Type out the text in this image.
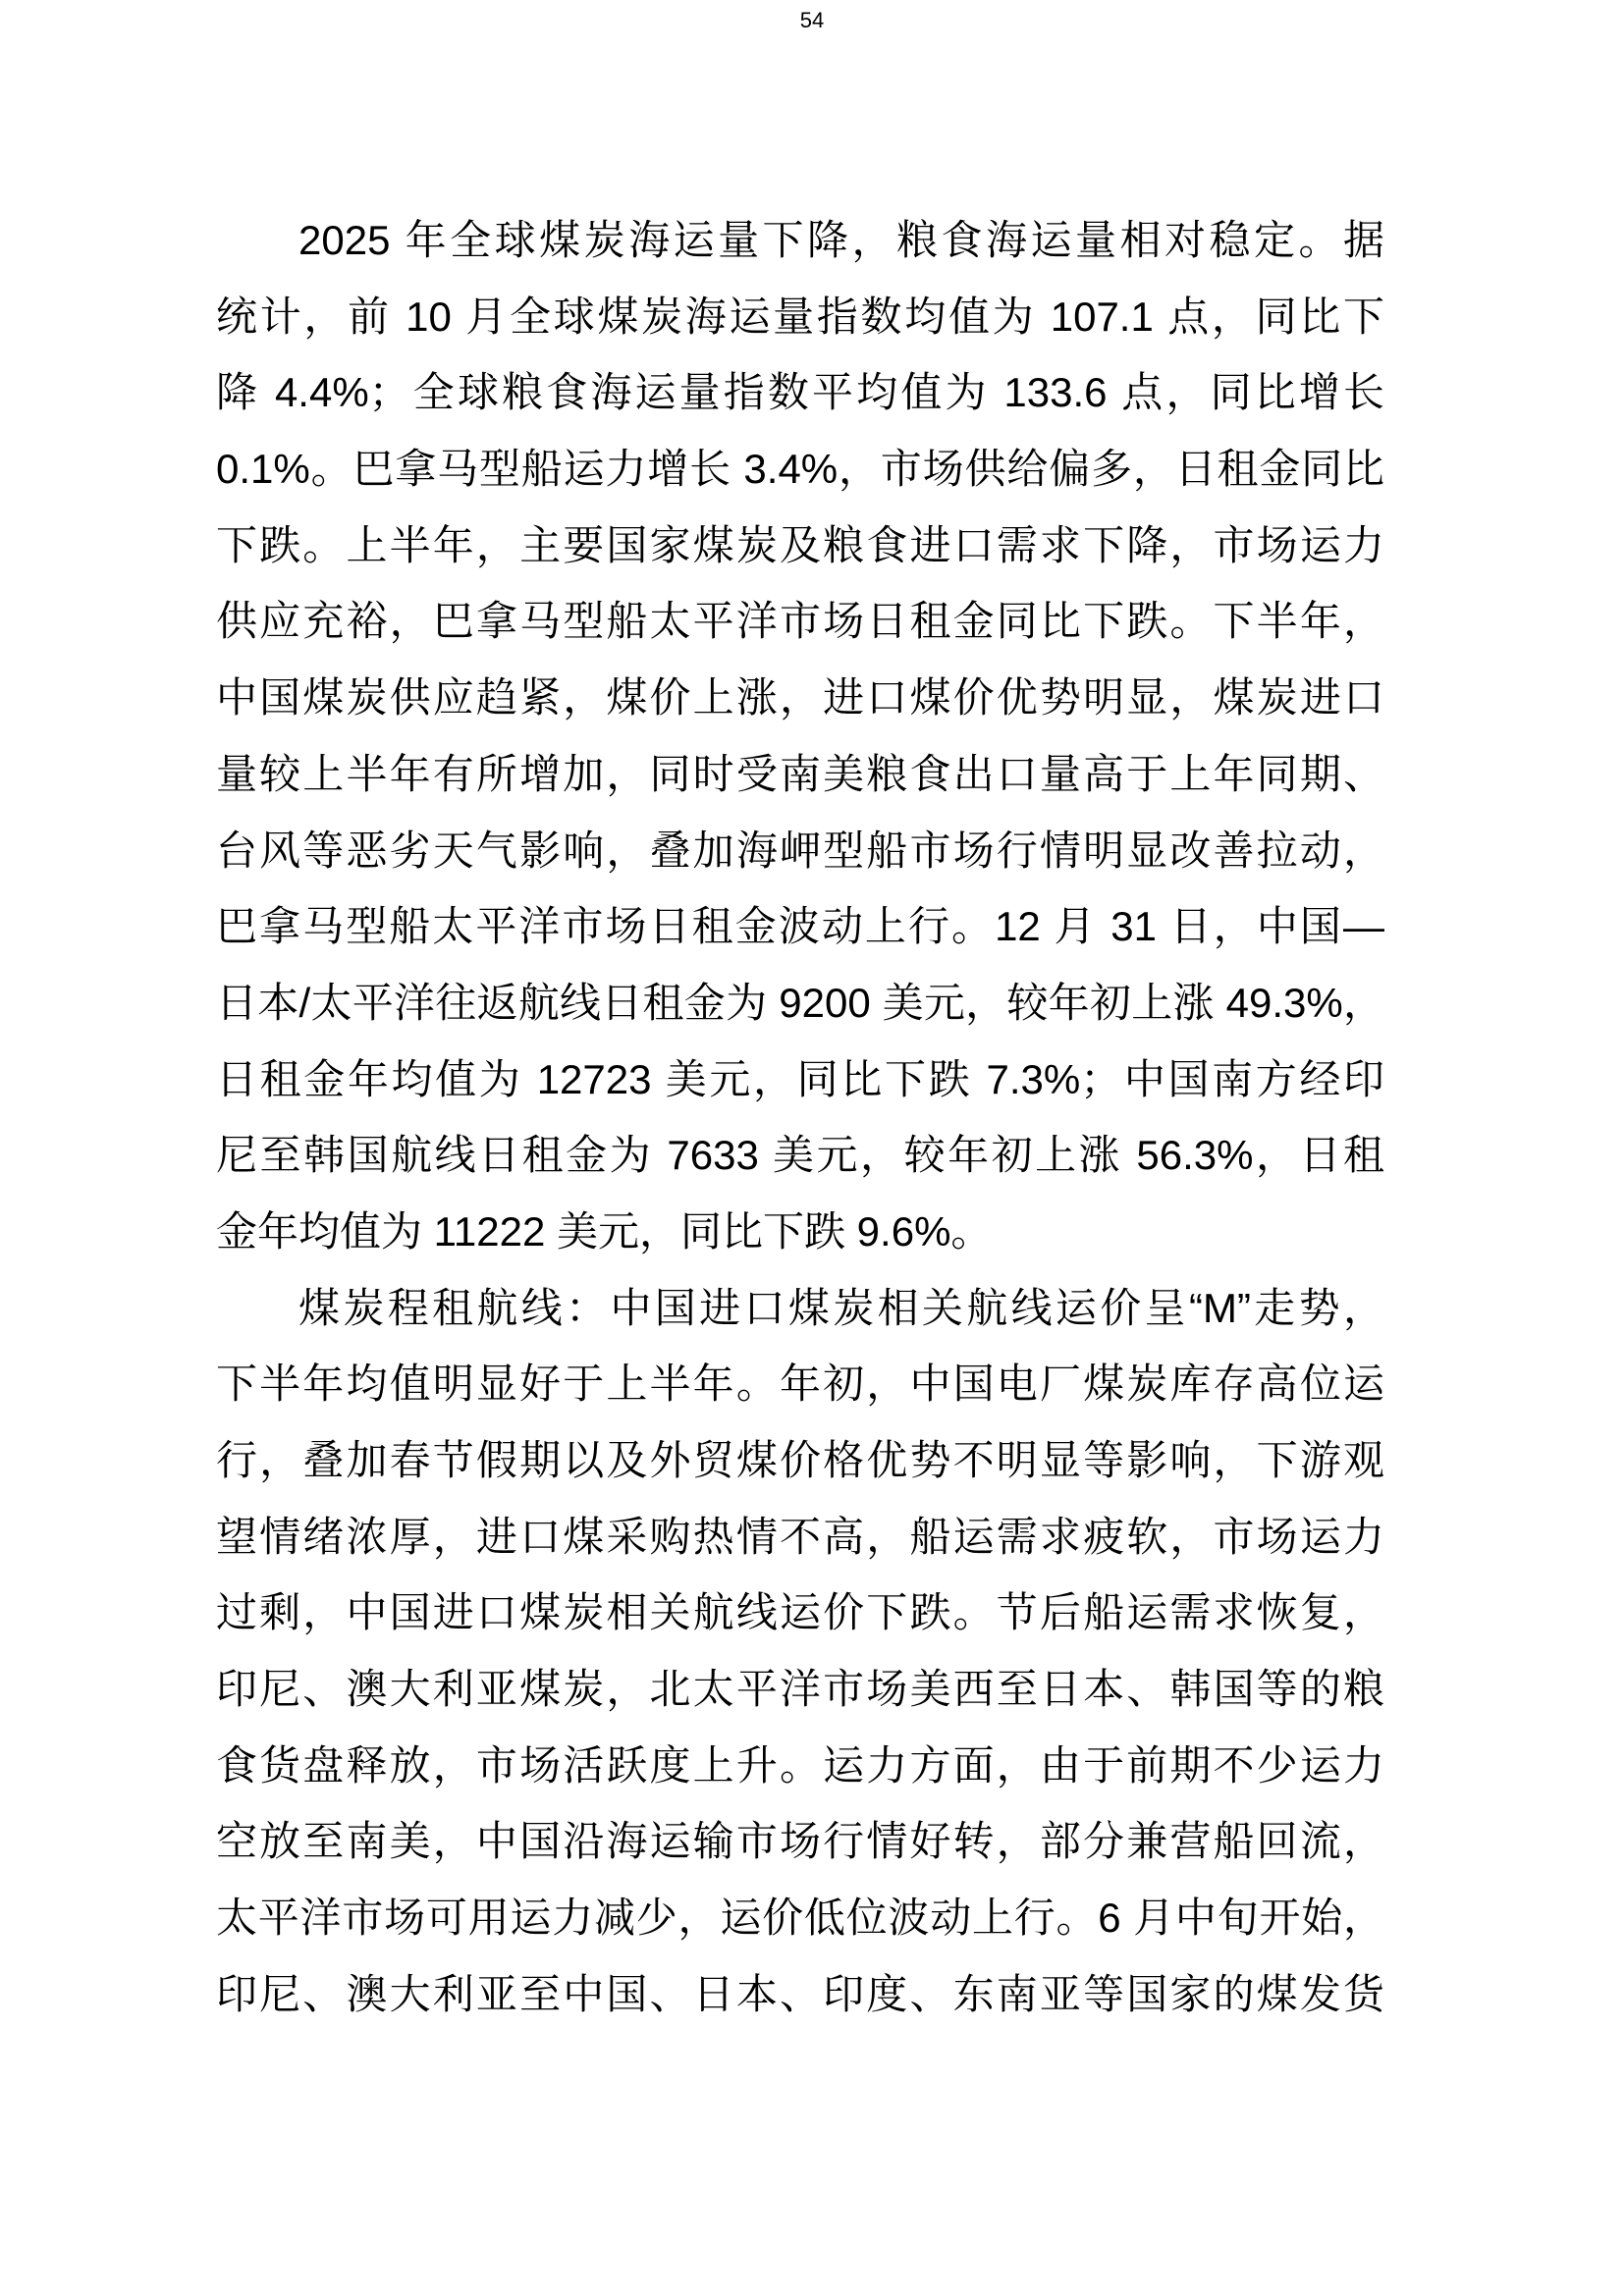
54
2025 年全球煤炭海运量下降，粮食海运量相对稳定。据
统计，前 10 月全球煤炭海运量指数均值为 107.1 点，同比下
降 4.4%；全球粮食海运量指数平均值为 133.6 点，同比增长
0.1%。巴拿马型船运力增长 3.4%，市场供给偏多，日租金同比
下跌。上半年，主要国家煤炭及粮食进口需求下降，市场运力
供应充裕，巴拿马型船太平洋市场日租金同比下跌。下半年，
中国煤炭供应趋紧，煤价上涨，进口煤价优势明显，煤炭进口
量较上半年有所增加，同时受南美粮食出口量高于上年同期、
台风等恶劣天气影响，叠加海岬型船市场行情明显改善拉动，
巴拿马型船太平洋市场日租金波动上行。12 月 31 日，中国—
日本/太平洋往返航线日租金为 9200 美元，较年初上涨 49.3%，
日租金年均值为 12723 美元，同比下跌 7.3%；中国南方经印
尼至韩国航线日租金为 7633 美元，较年初上涨 56.3%，日租
金年均值为 11222 美元，同比下跌 9.6%。
煤炭程租航线：中国进口煤炭相关航线运价呈“M”走势，
下半年均值明显好于上半年。年初，中国电厂煤炭库存高位运
行，叠加春节假期以及外贸煤价格优势不明显等影响，下游观
望情绪浓厚，进口煤采购热情不高，船运需求疲软，市场运力
过剩，中国进口煤炭相关航线运价下跌。节后船运需求恢复，
印尼、澳大利亚煤炭，北太平洋市场美西至日本、韩国等的粮
食货盘释放，市场活跃度上升。运力方面，由于前期不少运力
空放至南美，中国沿海运输市场行情好转，部分兼营船回流，
太平洋市场可用运力减少，运价低位波动上行。6 月中旬开始，
印尼、澳大利亚至中国、日本、印度、东南亚等国家的煤发货
